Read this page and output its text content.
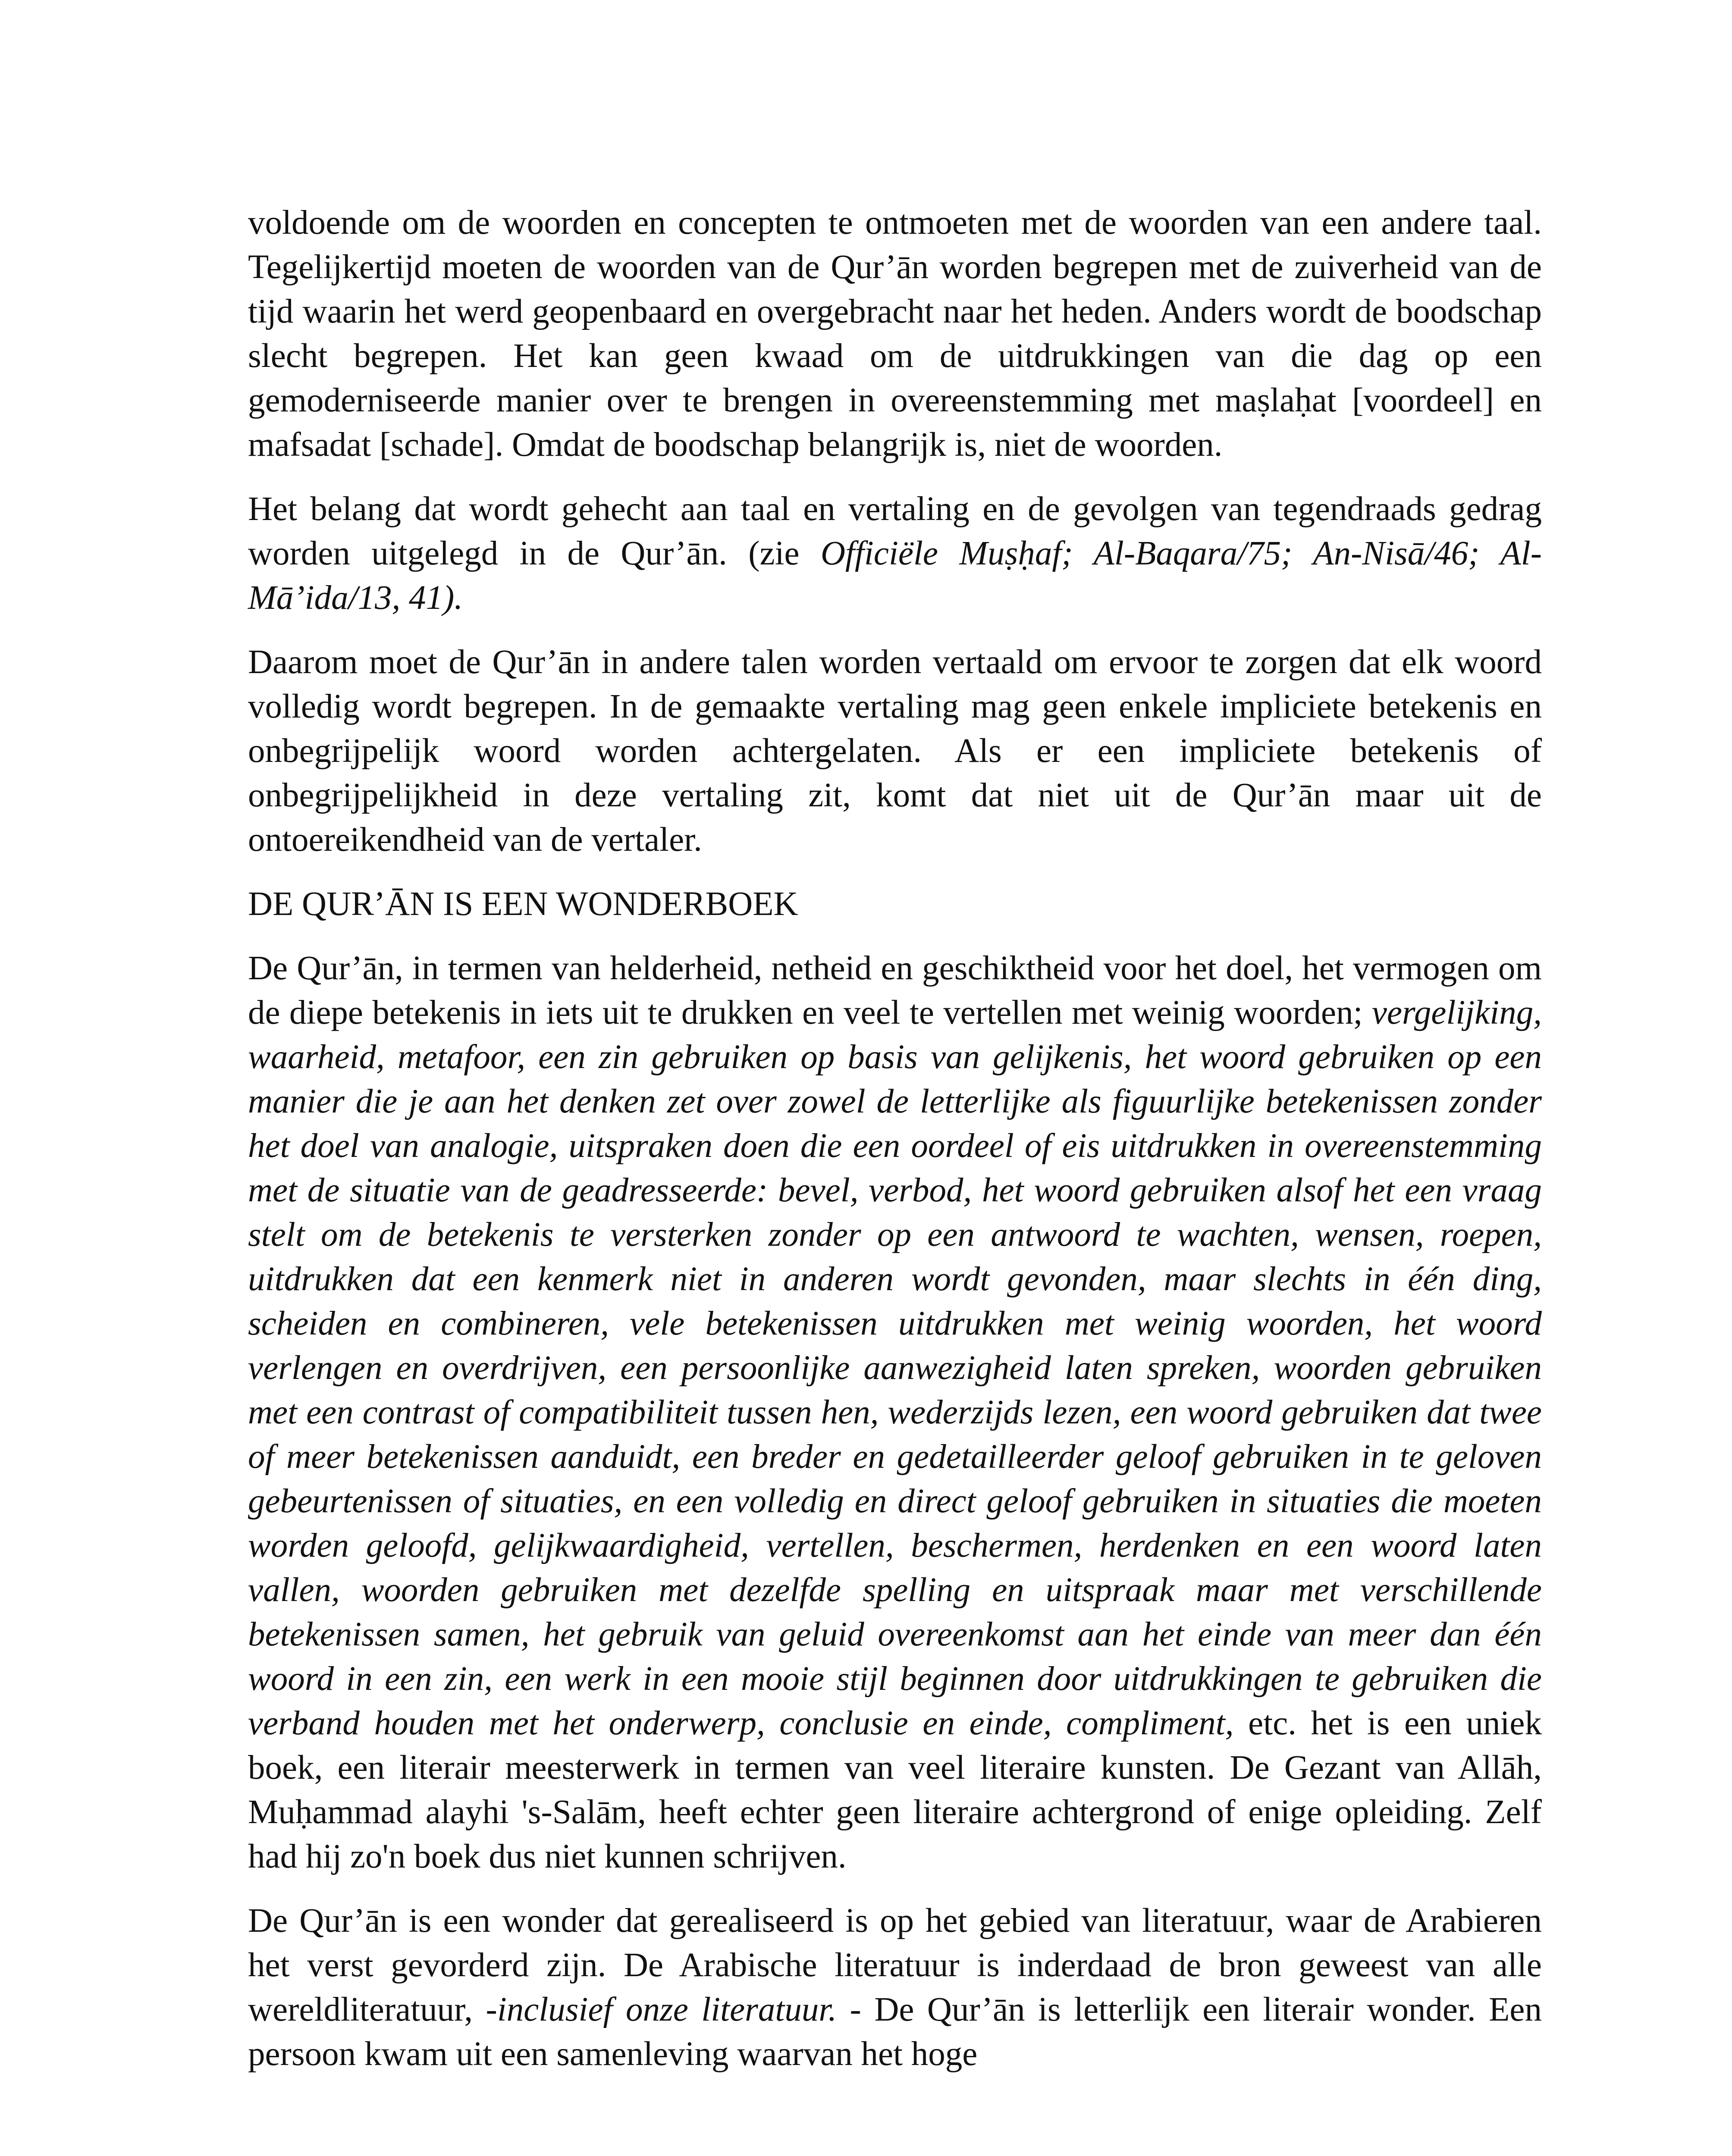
voldoende om de woorden en concepten te ontmoeten met de woorden van een andere taal. Tegelijkertijd moeten de woorden van de Qur’ān worden begrepen met de zuiverheid van de tijd waarin het werd geopenbaard en overgebracht naar het heden. Anders wordt de boodschap slecht begrepen. Het kan geen kwaad om de uitdrukkingen van die dag op een gemoderniseerde manier over te brengen in overeenstemming met maṣlaḥat [voordeel] en mafsadat [schade]. Omdat de boodschap belangrijk is, niet de woorden.

Het belang dat wordt gehecht aan taal en vertaling en de gevolgen van tegendraads gedrag worden uitgelegd in de Qur’ān. (zie Officiële Muṣḥaf; Al-Baqara/75; An-Nisā/46; Al-Mā’ida/13, 41).

Daarom moet de Qur’ān in andere talen worden vertaald om ervoor te zorgen dat elk woord volledig wordt begrepen. In de gemaakte vertaling mag geen enkele impliciete betekenis en onbegrijpelijk woord worden achtergelaten. Als er een impliciete betekenis of onbegrijpelijkheid in deze vertaling zit, komt dat niet uit de Qur’ān maar uit de ontoereikendheid van de vertaler.

DE QUR’ĀN IS EEN WONDERBOEK

De Qur’ān, in termen van helderheid, netheid en geschiktheid voor het doel, het vermogen om de diepe betekenis in iets uit te drukken en veel te vertellen met weinig woorden; vergelijking, waarheid, metafoor, een zin gebruiken op basis van gelijkenis, het woord gebruiken op een manier die je aan het denken zet over zowel de letterlijke als figuurlijke betekenissen zonder het doel van analogie, uitspraken doen die een oordeel of eis uitdrukken in overeenstemming met de situatie van de geadresseerde: bevel, verbod, het woord gebruiken alsof het een vraag stelt om de betekenis te versterken zonder op een antwoord te wachten, wensen, roepen, uitdrukken dat een kenmerk niet in anderen wordt gevonden, maar slechts in één ding, scheiden en combineren, vele betekenissen uitdrukken met weinig woorden, het woord verlengen en overdrijven, een persoonlijke aanwezigheid laten spreken, woorden gebruiken met een contrast of compatibiliteit tussen hen, wederzijds lezen, een woord gebruiken dat twee of meer betekenissen aanduidt, een breder en gedetailleerder geloof gebruiken in te geloven gebeurtenissen of situaties, en een volledig en direct geloof gebruiken in situaties die moeten worden geloofd, gelijkwaardigheid, vertellen, beschermen, herdenken en een woord laten vallen, woorden gebruiken met dezelfde spelling en uitspraak maar met verschillende betekenissen samen, het gebruik van geluid overeenkomst aan het einde van meer dan één woord in een zin, een werk in een mooie stijl beginnen door uitdrukkingen te gebruiken die verband houden met het onderwerp, conclusie en einde, compliment, etc. het is een uniek boek, een literair meesterwerk in termen van veel literaire kunsten. De Gezant van Allāh, Muḥammad alayhi 's-Salām, heeft echter geen literaire achtergrond of enige opleiding. Zelf had hij zo'n boek dus niet kunnen schrijven.

De Qur’ān is een wonder dat gerealiseerd is op het gebied van literatuur, waar de Arabieren het verst gevorderd zijn. De Arabische literatuur is inderdaad de bron geweest van alle wereldliteratuur, -inclusief onze literatuur. - De Qur’ān is letterlijk een literair wonder. Een persoon kwam uit een samenleving waarvan het hoge
